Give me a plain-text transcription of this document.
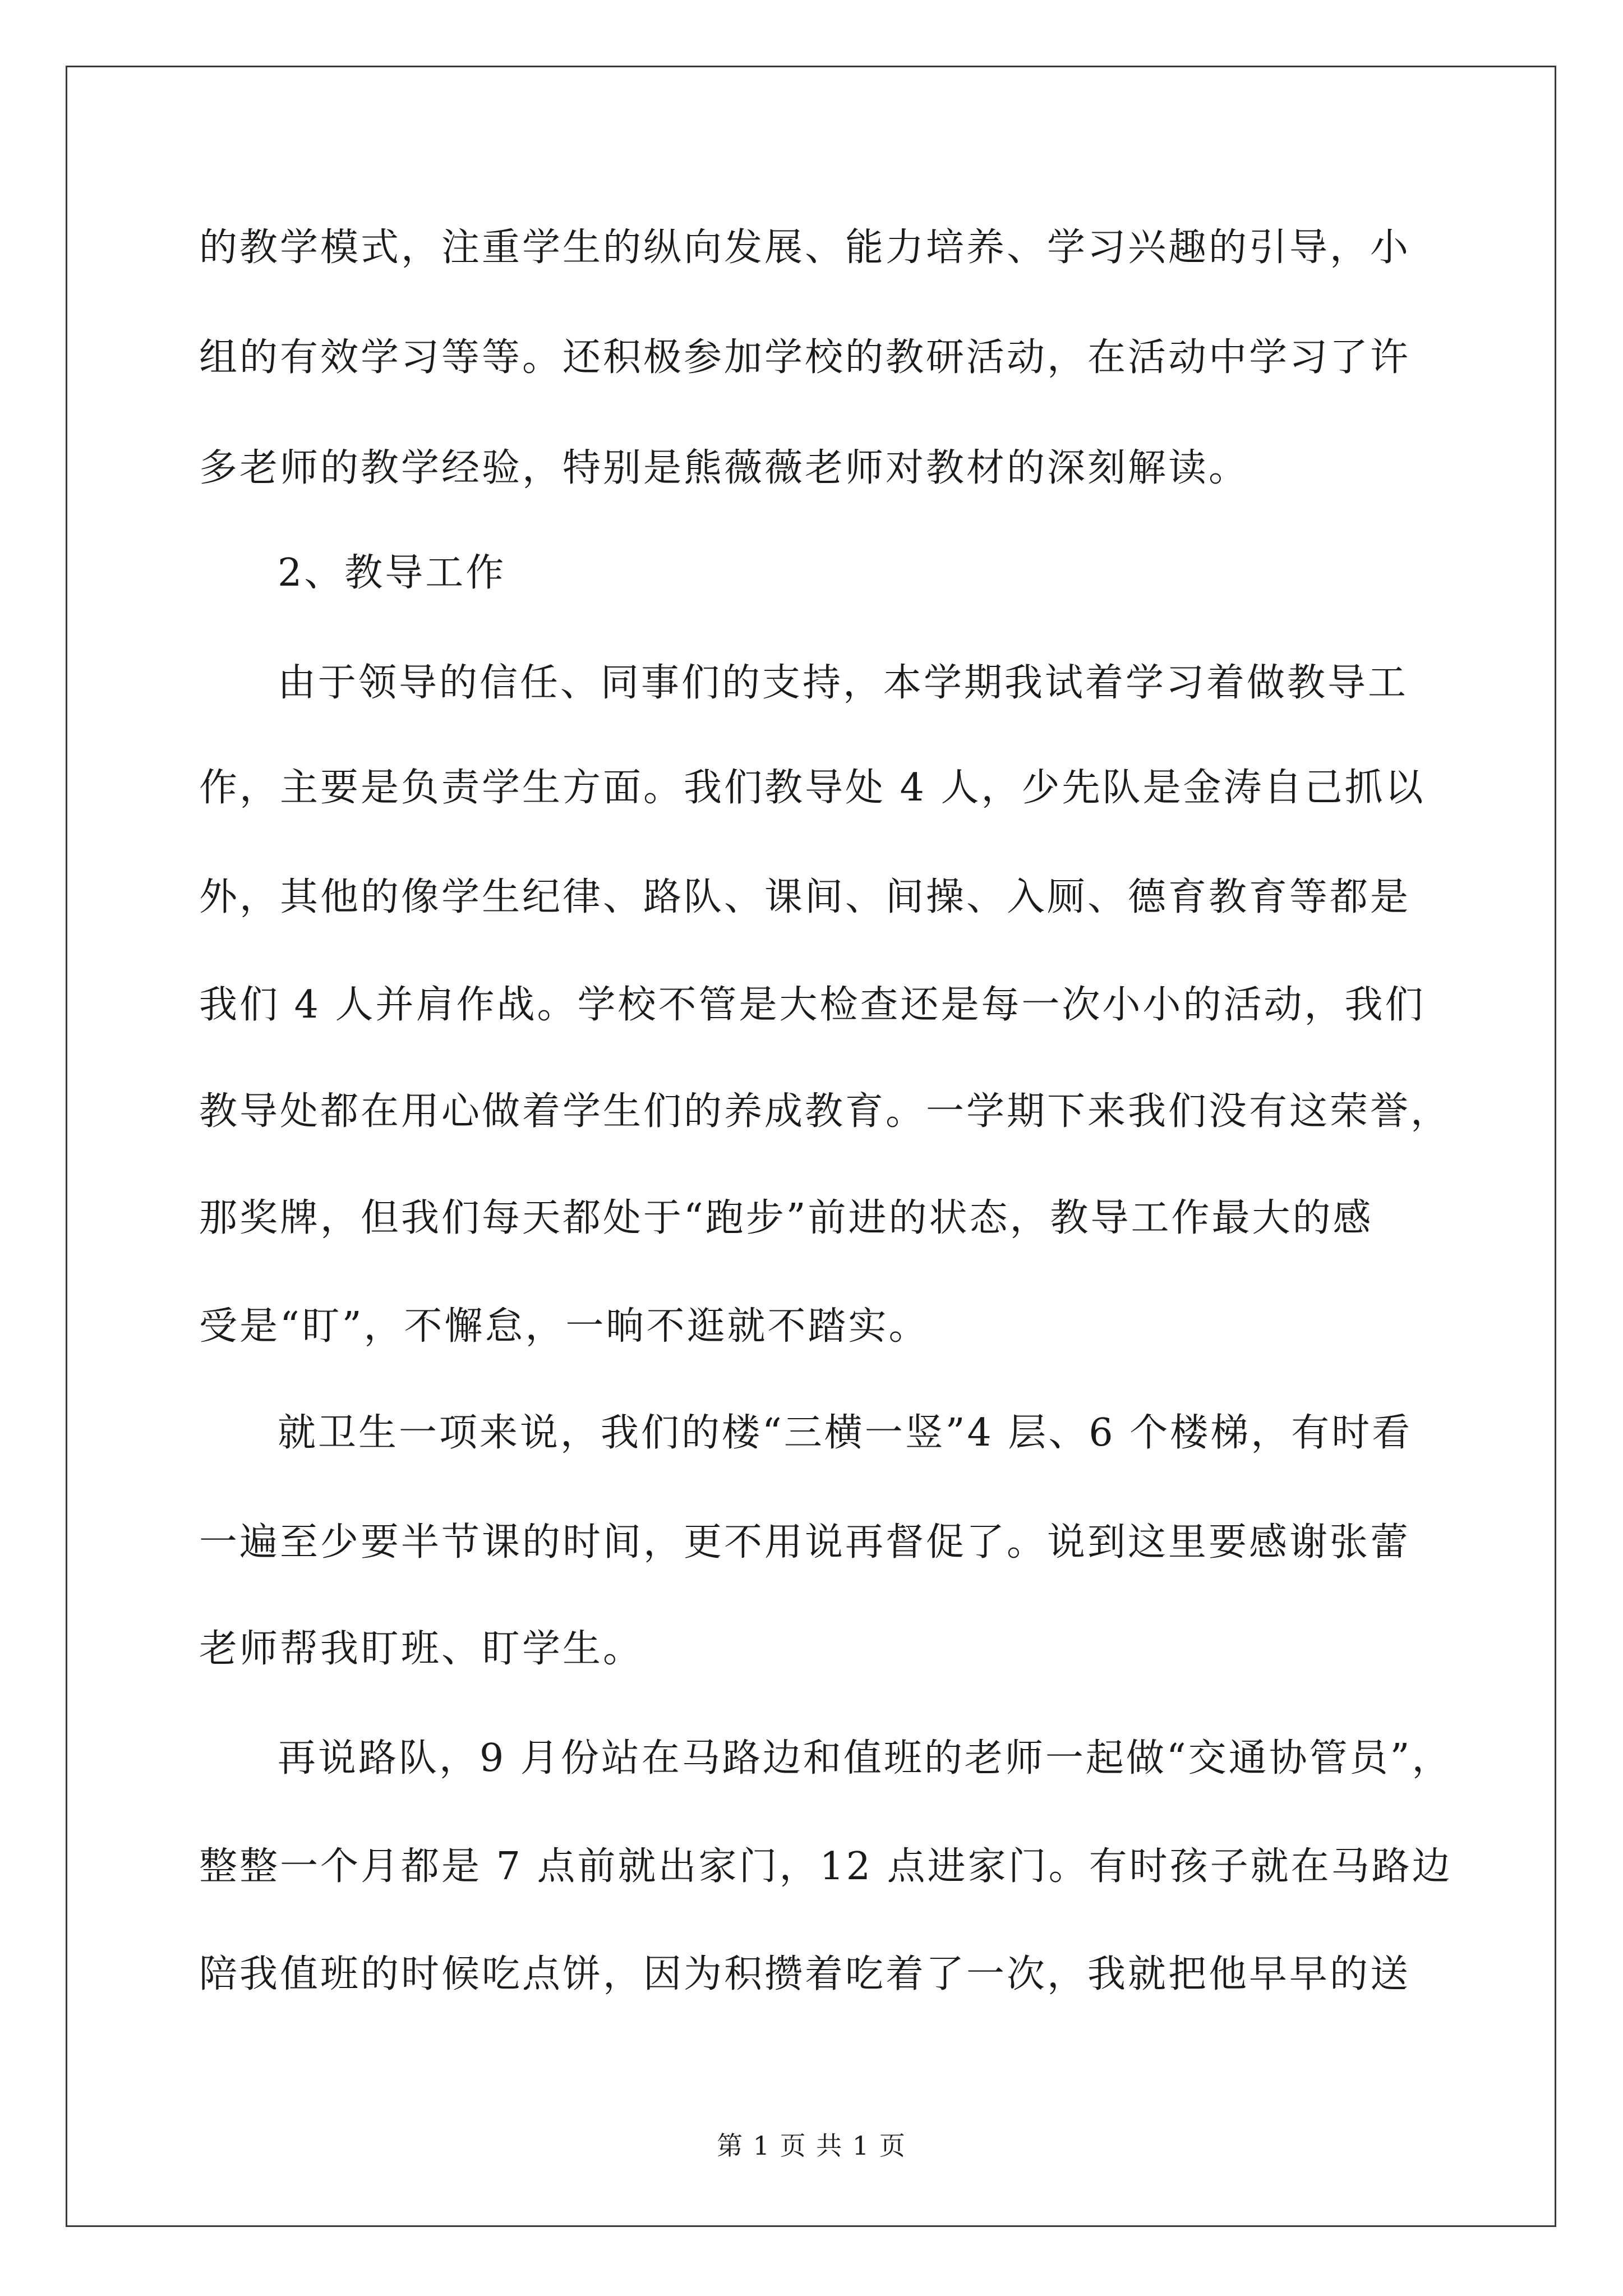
的教学模式，注重学生的纵向发展、能力培养、学习兴趣的引导，小
组的有效学习等等。还积极参加学校的教研活动，在活动中学习了许
多老师的教学经验，特别是熊薇薇老师对教材的深刻解读。
2、教导工作
由于领导的信任、同事们的支持，本学期我试着学习着做教导工
作，主要是负责学生方面。我们教导处 4 人，少先队是金涛自己抓以
外，其他的像学生纪律、路队、课间、间操、入厕、德育教育等都是
我们 4 人并肩作战。学校不管是大检查还是每一次小小的活动，我们
教导处都在用心做着学生们的养成教育。一学期下来我们没有这荣誉，
那奖牌，但我们每天都处于“跑步”前进的状态，教导工作最大的感
受是“盯”，不懈怠，一晌不逛就不踏实。
就卫生一项来说，我们的楼“三横一竖”4 层、6 个楼梯，有时看
一遍至少要半节课的时间，更不用说再督促了。说到这里要感谢张蕾
老师帮我盯班、盯学生。
再说路队，9 月份站在马路边和值班的老师一起做“交通协管员”，
整整一个月都是 7 点前就出家门，12 点进家门。有时孩子就在马路边
陪我值班的时候吃点饼，因为积攒着吃着了一次，我就把他早早的送
第 1 页 共 1 页
